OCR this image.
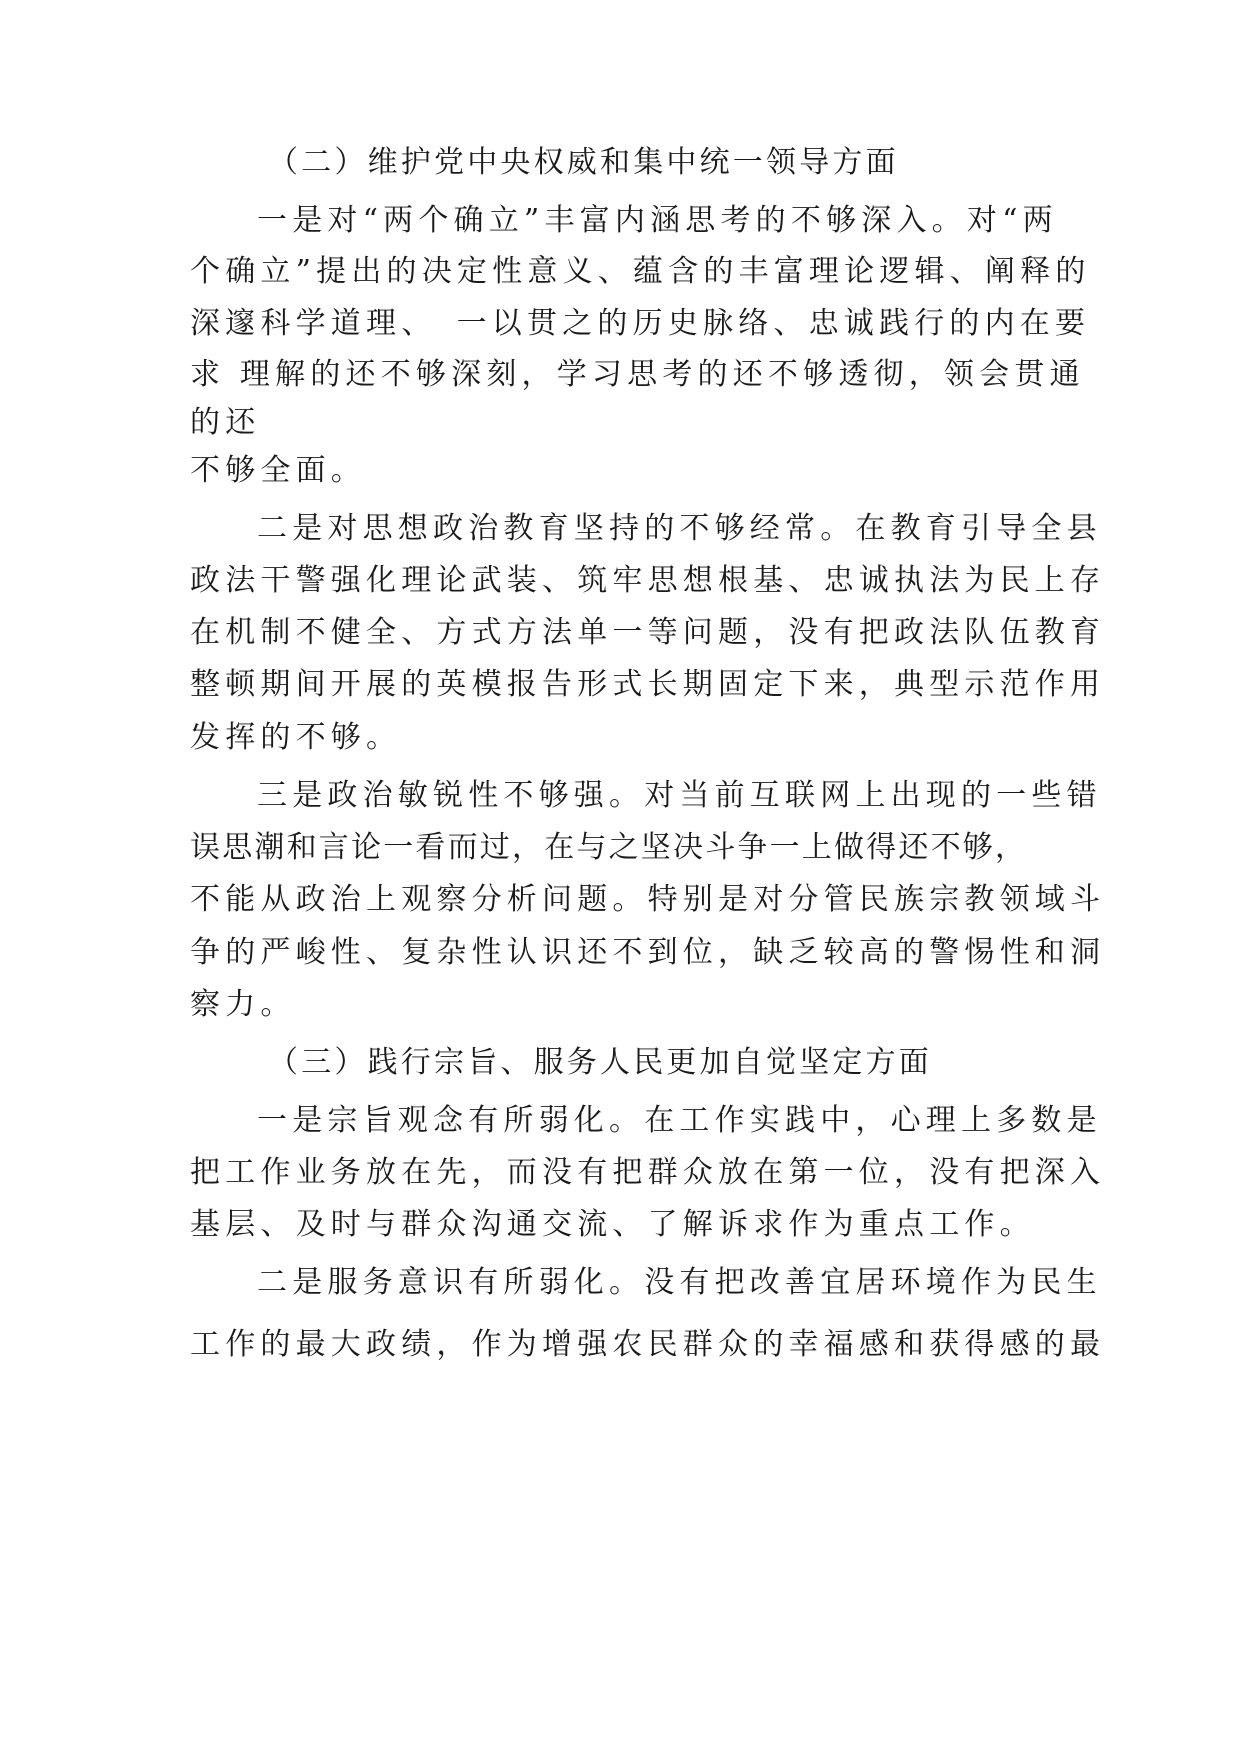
（二）维护党中央权威和集中统一领导方面
一是对“两个确立”丰富内涵思考的不够深入。对“两
个确立”提出的决定性意义、蕴含的丰富理论逻辑、阐释的
深邃科学道理、　一以贯之的历史脉络、忠诚践行的内在要
求 理解的还不够深刻，学习思考的还不够透彻，领会贯通
的还
不够全面。
二是对思想政治教育坚持的不够经常。在教育引导全县
政法干警强化理论武装、筑牢思想根基、忠诚执法为民上存
在机制不健全、方式方法单一等问题，没有把政法队伍教育
整顿期间开展的英模报告形式长期固定下来，典型示范作用
发挥的不够。
三是政治敏锐性不够强。对当前互联网上出现的一些错
误思潮和言论一看而过，在与之坚决斗争一上做得还不够，
不能从政治上观察分析问题。特别是对分管民族宗教领域斗
争的严峻性、复杂性认识还不到位，缺乏较高的警惕性和洞
察力。
（三）践行宗旨、服务人民更加自觉坚定方面
一是宗旨观念有所弱化。在工作实践中，心理上多数是
把工作业务放在先，而没有把群众放在第一位，没有把深入
基层、及时与群众沟通交流、了解诉求作为重点工作。
二是服务意识有所弱化。没有把改善宜居环境作为民生
工作的最大政绩，作为增强农民群众的幸福感和获得感的最
